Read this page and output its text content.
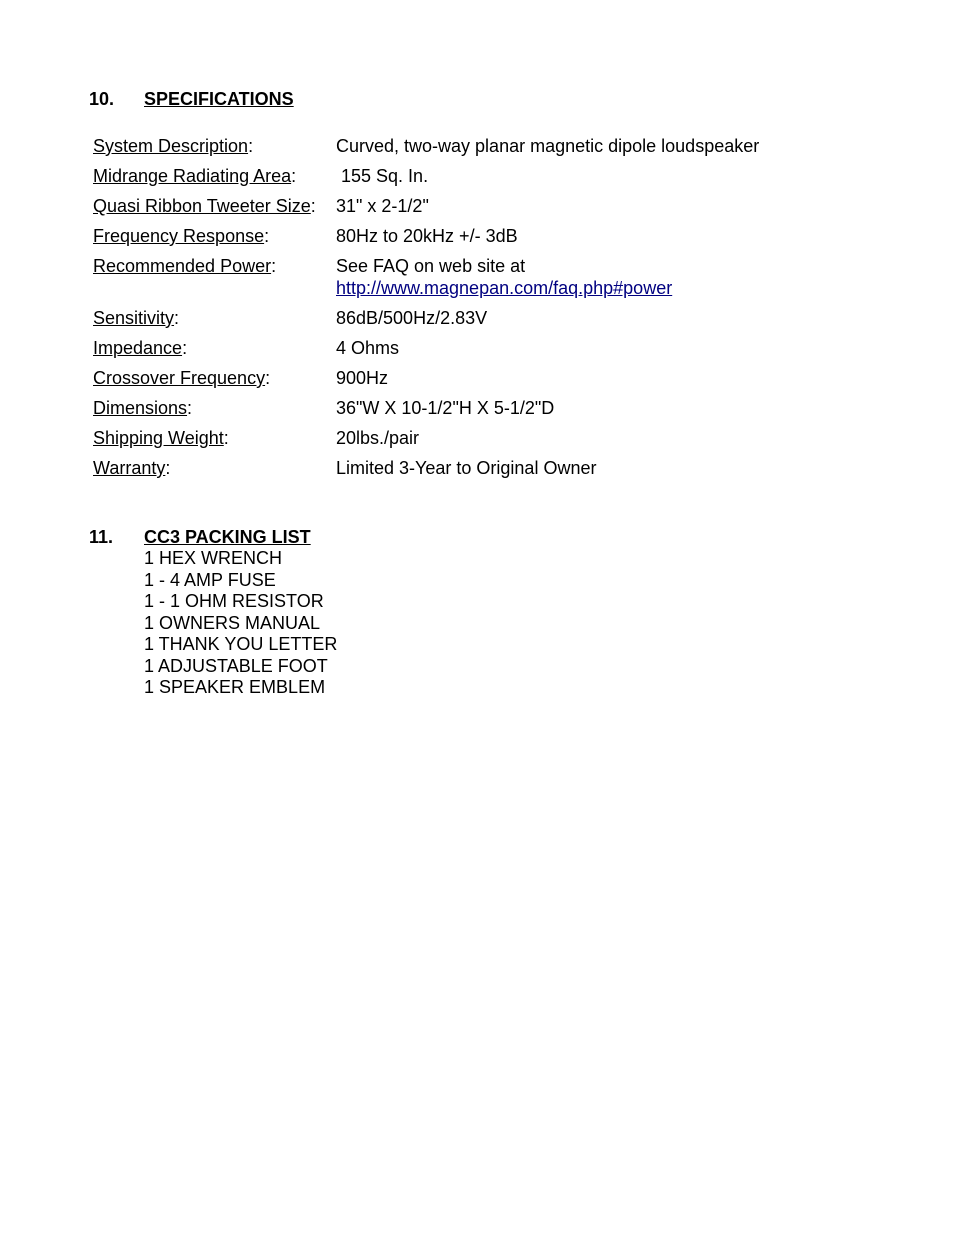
10.	SPECIFICATIONS
System Description:	Curved, two-way planar magnetic dipole loudspeaker
Midrange Radiating Area: 155 Sq. In.
Quasi Ribbon Tweeter Size: 31" x 2-1/2"
Frequency Response:	80Hz to 20kHz +/- 3dB
Recommended Power:	See FAQ on web site at
http://www.magnepan.com/faq.php#power
Sensitivity:	86dB/500Hz/2.83V
Impedance:	4 Ohms
Crossover Frequency:	900Hz
Dimensions:	36"W X 10-1/2"H X 5-1/2"D
Shipping Weight:	20lbs./pair
Warranty:	Limited 3-Year to Original Owner
11.	CC3 PACKING LIST
1 HEX WRENCH
1 - 4 AMP FUSE
1 - 1 OHM RESISTOR
1 OWNERS MANUAL
1 THANK YOU LETTER
1 ADJUSTABLE FOOT
1 SPEAKER EMBLEM
